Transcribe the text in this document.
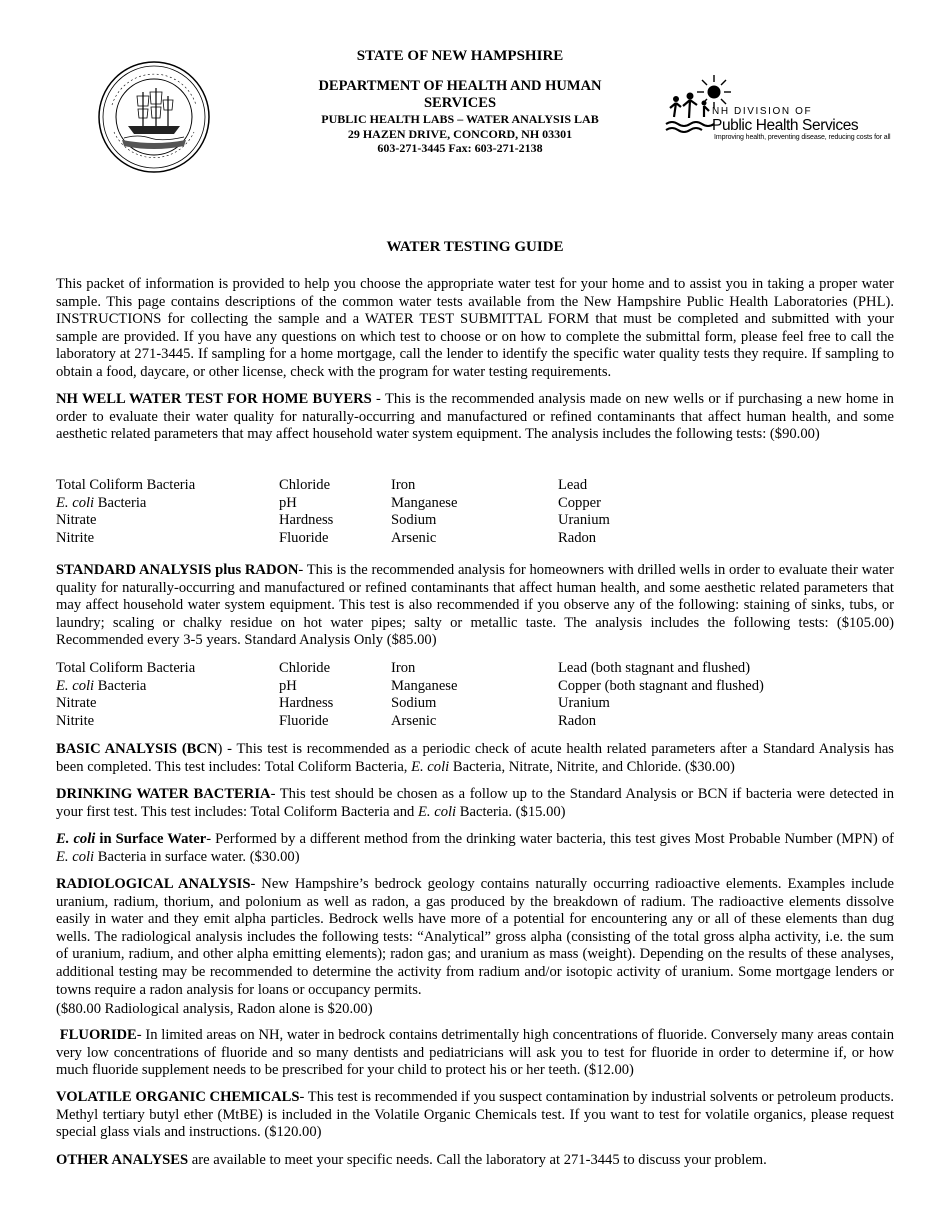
STATE OF NEW HAMPSHIRE

DEPARTMENT OF HEALTH AND HUMAN

SERVICES

PUBLIC HEALTH LABS – WATER ANALYSIS LAB

29 HAZEN DRIVE, CONCORD, NH 03301

603-271-3445 Fax: 603-271-2138

NH DIVISION OF
Public Health Services
Improving health, preventing disease, reducing costs for all
WATER TESTING GUIDE

This packet of information is provided to help you choose the appropriate water test for your home and to assist you in taking a proper water sample. This page contains descriptions of the common water tests available from the New Hampshire Public Health Laboratories (PHL). INSTRUCTIONS for collecting the sample and a WATER TEST SUBMITTAL FORM that must be completed and submitted with your sample are provided. If you have any questions on which test to choose or on how to complete the submittal form, please feel free to call the laboratory at 271-3445. If sampling for a home mortgage, call the lender to identify the specific water quality tests they require. If sampling to obtain a food, daycare, or other license, check with the program for water testing requirements.

NH WELL WATER TEST FOR HOME BUYERS - This is the recommended analysis made on new wells or if purchasing a new home in order to evaluate their water quality for naturally-occurring and manufactured or refined contaminants that affect human health, and some aesthetic related parameters that may affect household water system equipment. The analysis includes the following tests: ($90.00)

Total Coliform Bacteria	Chloride	Iron	Lead
E. coli Bacteria	pH	Manganese	Copper
Nitrate	Hardness	Sodium	Uranium
Nitrite	Fluoride	Arsenic	Radon

STANDARD ANALYSIS plus RADON- This is the recommended analysis for homeowners with drilled wells in order to evaluate their water quality for naturally-occurring and manufactured or refined contaminants that affect human health, and some aesthetic related parameters that may affect household water system equipment. This test is also recommended if you observe any of the following: staining of sinks, tubs, or laundry; scaling or chalky residue on hot water pipes; salty or metallic taste. The analysis includes the following tests: ($105.00) Recommended every 3-5 years. Standard Analysis Only ($85.00)

Total Coliform Bacteria	Chloride	Iron	Lead (both stagnant and flushed)
E. coli Bacteria	pH	Manganese	Copper (both stagnant and flushed)
Nitrate	Hardness	Sodium	Uranium
Nitrite	Fluoride	Arsenic	Radon

BASIC ANALYSIS (BCN) - This test is recommended as a periodic check of acute health related parameters after a Standard Analysis has been completed. This test includes: Total Coliform Bacteria, E. coli Bacteria, Nitrate, Nitrite, and Chloride. ($30.00)

DRINKING WATER BACTERIA- This test should be chosen as a follow up to the Standard Analysis or BCN if bacteria were detected in your first test. This test includes: Total Coliform Bacteria and E. coli Bacteria. ($15.00)

E. coli in Surface Water- Performed by a different method from the drinking water bacteria, this test gives Most Probable Number (MPN) of E. coli Bacteria in surface water. ($30.00)

RADIOLOGICAL ANALYSIS- New Hampshire’s bedrock geology contains naturally occurring radioactive elements. Examples include uranium, radium, thorium, and polonium as well as radon, a gas produced by the breakdown of radium. The radioactive elements dissolve easily in water and they emit alpha particles. Bedrock wells have more of a potential for encountering any or all of these elements than dug wells. The radiological analysis includes the following tests: “Analytical” gross alpha (consisting of the total gross alpha activity, i.e. the sum of uranium, radium, and other alpha emitting elements); radon gas; and uranium as mass (weight). Depending on the results of these analyses, additional testing may be recommended to determine the activity from radium and/or isotopic activity of uranium. Some mortgage lenders or towns require a radon analysis for loans or occupancy permits.

($80.00 Radiological analysis, Radon alone is $20.00)

FLUORIDE- In limited areas on NH, water in bedrock contains detrimentally high concentrations of fluoride. Conversely many areas contain very low concentrations of fluoride and so many dentists and pediatricians will ask you to test for fluoride in order to determine if, or how much fluoride supplement needs to be prescribed for your child to protect his or her teeth. ($12.00)

VOLATILE ORGANIC CHEMICALS- This test is recommended if you suspect contamination by industrial solvents or petroleum products. Methyl tertiary butyl ether (MtBE) is included in the Volatile Organic Chemicals test. If you want to test for volatile organics, please request special glass vials and instructions. ($120.00)

OTHER ANALYSES are available to meet your specific needs. Call the laboratory at 271-3445 to discuss your problem.
